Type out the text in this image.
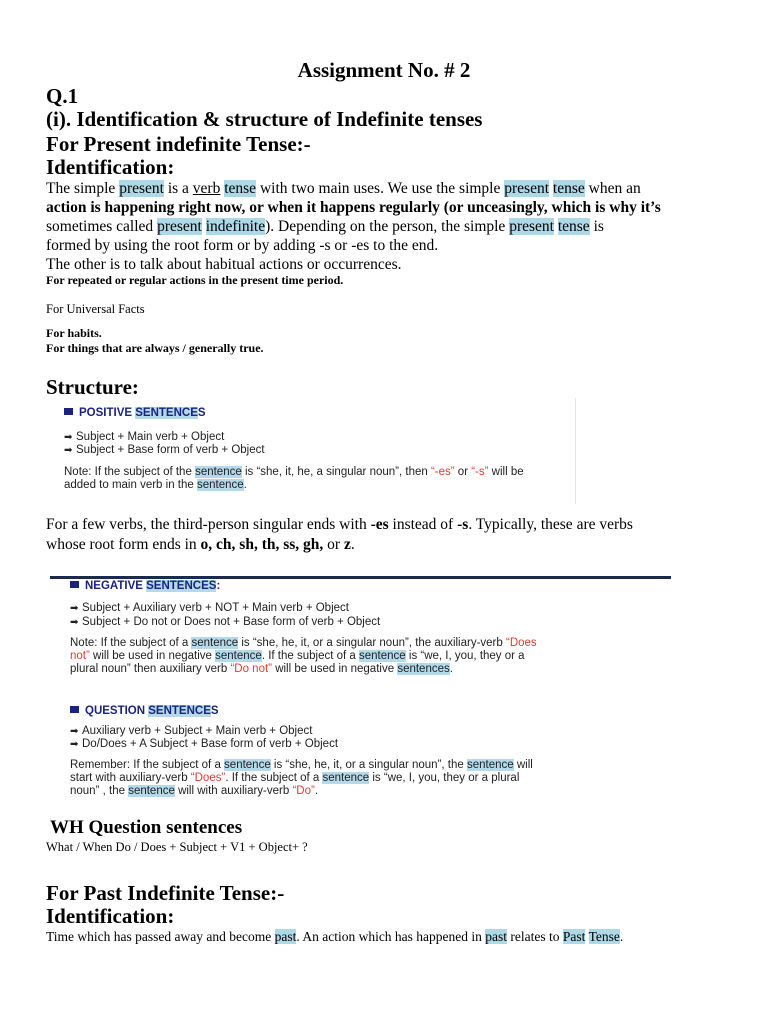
Assignment No. # 2
Q.1
(i). Identification & structure of Indefinite tenses
For Present indefinite Tense:-
Identification:
The simple present is a verb tense with two main uses. We use the simple present tense when an
action is happening right now, or when it happens regularly (or unceasingly, which is why it’s
sometimes called present indefinite). Depending on the person, the simple present tense is
formed by using the root form or by adding -s or -es to the end.
The other is to talk about habitual actions or occurrences.
For repeated or regular actions in the present time period.
For Universal Facts
For habits.
For things that are always / generally true.
Structure:
POSITIVE SENTENCES
➡ Subject + Main verb + Object
➡ Subject + Base form of verb + Object
Note: If the subject of the sentence is “she, it, he, a singular noun”, then “-es” or “-s” will be
added to main verb in the sentence.
For a few verbs, the third-person singular ends with -es instead of -s. Typically, these are verbs
whose root form ends in o, ch, sh, th, ss, gh, or z.
NEGATIVE SENTENCES:
➡ Subject + Auxiliary verb + NOT + Main verb + Object
➡ Subject + Do not or Does not + Base form of verb + Object
Note: If the subject of a sentence is “she, he, it, or a singular noun”, the auxiliary-verb “Does
not” will be used in negative sentence. If the subject of a sentence is “we, I, you, they or a
plural noun” then auxiliary verb “Do not” will be used in negative sentences.
QUESTION SENTENCES
➡ Auxiliary verb + Subject + Main verb + Object
➡ Do/Does + A Subject + Base form of verb + Object
Remember: If the subject of a sentence is “she, he, it, or a singular noun”, the sentence will
start with auxiliary-verb “Does”. If the subject of a sentence is “we, I, you, they or a plural
noun” , the sentence will with auxiliary-verb “Do”.
WH Question sentences
What / When Do / Does + Subject + V1 + Object+ ?
For Past Indefinite Tense:-
Identification:
Time which has passed away and become past. An action which has happened in past relates to Past Tense.
